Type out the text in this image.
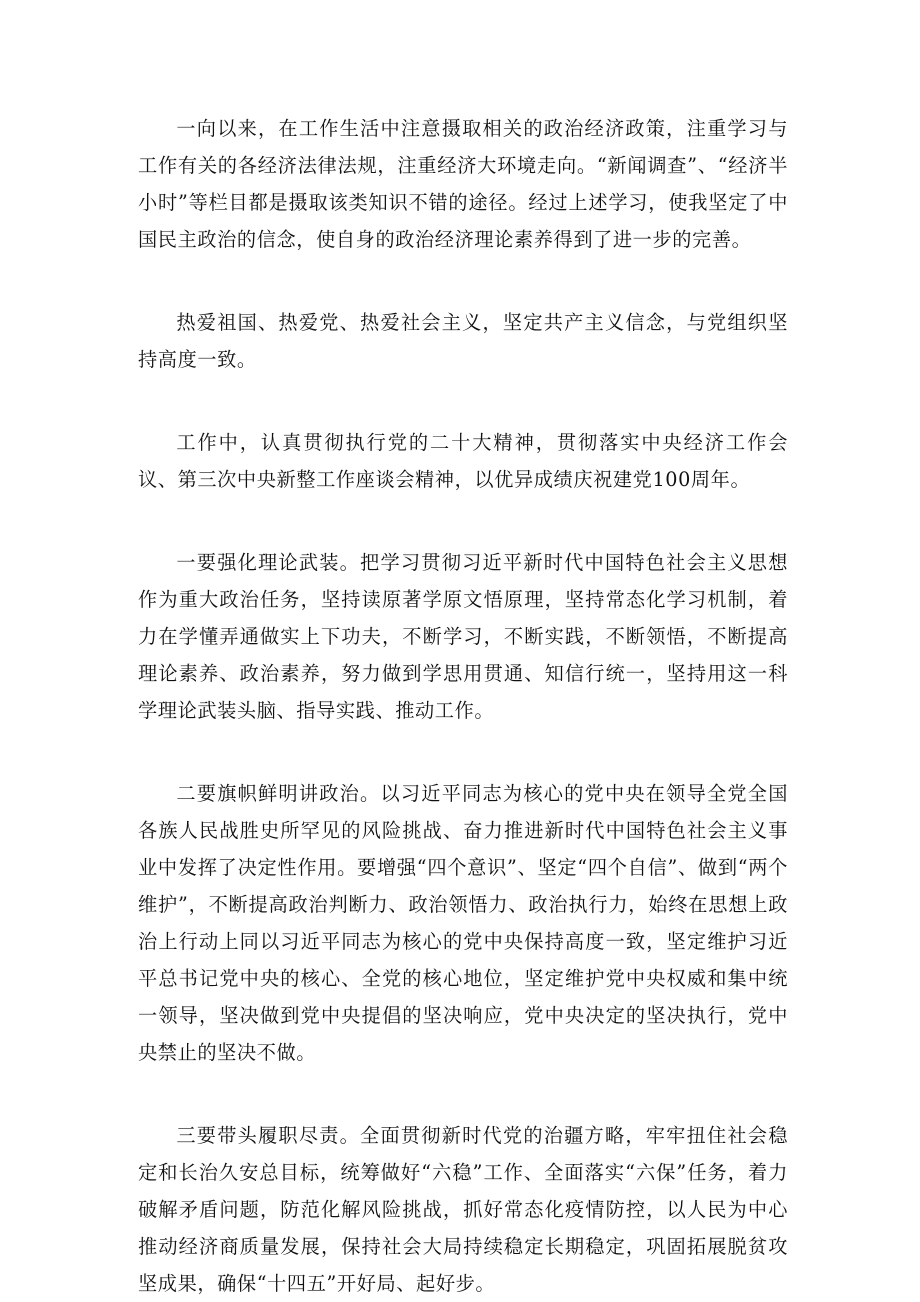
一向以来，在工作生活中注意摄取相关的政治经济政策，注重学习与工作有关的各经济法律法规，注重经济大环境走向。“新闻调查”、“经济半小时”等栏目都是摄取该类知识不错的途径。经过上述学习，使我坚定了中国民主政治的信念，使自身的政治经济理论素养得到了进一步的完善。

热爱祖国、热爱党、热爱社会主义，坚定共产主义信念，与党组织坚持高度一致。

工作中，认真贯彻执行党的二十大精神，贯彻落实中央经济工作会议、第三次中央新整工作座谈会精神，以优异成绩庆祝建党100周年。

一要强化理论武装。把学习贯彻习近平新时代中国特色社会主义思想作为重大政治任务，坚持读原著学原文悟原理，坚持常态化学习机制，着力在学懂弄通做实上下功夫，不断学习，不断实践，不断领悟，不断提高理论素养、政治素养，努力做到学思用贯通、知信行统一，坚持用这一科学理论武装头脑、指导实践、推动工作。

二要旗帜鲜明讲政治。以习近平同志为核心的党中央在领导全党全国各族人民战胜史所罕见的风险挑战、奋力推进新时代中国特色社会主义事业中发挥了决定性作用。要增强“四个意识”、坚定“四个自信”、做到“两个维护”，不断提高政治判断力、政治领悟力、政治执行力，始终在思想上政治上行动上同以习近平同志为核心的党中央保持高度一致，坚定维护习近平总书记党中央的核心、全党的核心地位，坚定维护党中央权威和集中统一领导，坚决做到党中央提倡的坚决响应，党中央决定的坚决执行，党中央禁止的坚决不做。

三要带头履职尽责。全面贯彻新时代党的治疆方略，牢牢扭住社会稳定和长治久安总目标，统筹做好“六稳”工作、全面落实“六保”任务，着力破解矛盾问题，防范化解风险挑战，抓好常态化疫情防控，以人民为中心推动经济商质量发展，保持社会大局持续稳定长期稳定，巩固拓展脱贫攻坚成果，确保“十四五”开好局、起好步。
